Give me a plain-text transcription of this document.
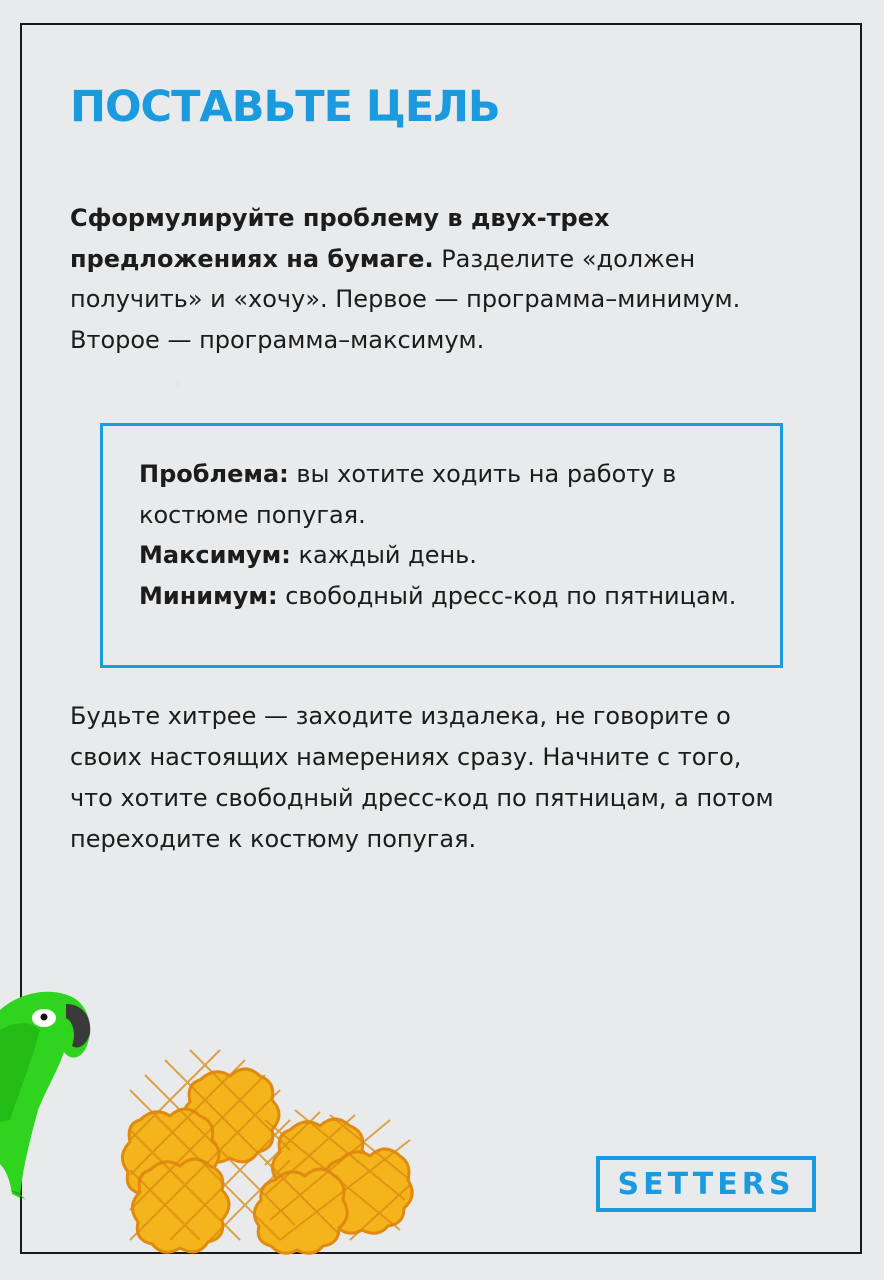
ПОСТАВЬТЕ ЦЕЛЬ

Сформулируйте проблему в двух-трех предложениях на бумаге. Разделите «должен получить» и «хочу». Первое — программа–минимум. Второе — программа–максимум.

Проблема: вы хотите ходить на работу в костюме попугая.
Максимум: каждый день.
Минимум: свободный дресс-код по пятницам.

Будьте хитрее — заходите издалека, не говорите о своих настоящих намерениях сразу. Начните с того, что хотите свободный дресс-код по пятницам, а потом переходите к костюму попугая.

SETTERS
